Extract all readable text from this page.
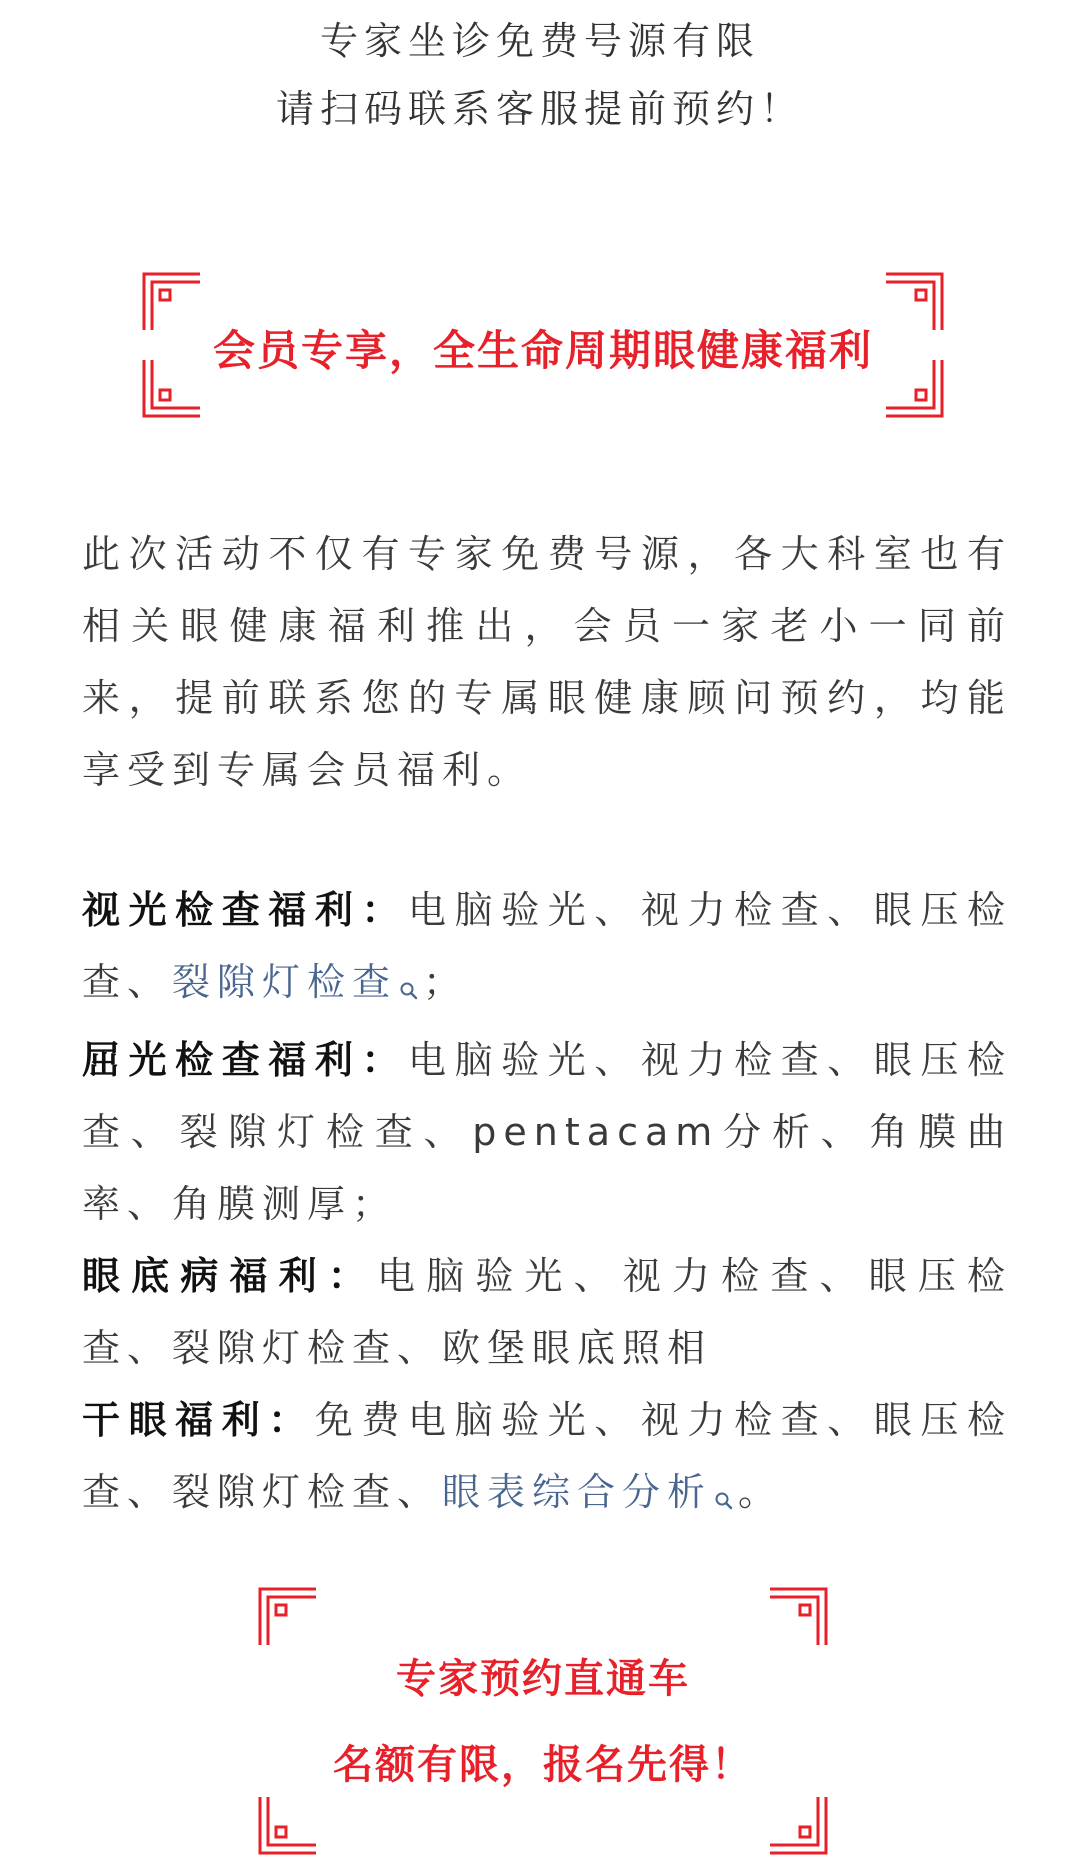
专家坐诊免费号源有限
请扫码联系客服提前预约！
会员专享，全生命周期眼健康福利
此次活动不仅有专家免费号源，各大科室也有相关眼健康福利推出，会员一家老小一同前来，提前联系您的专属眼健康顾问预约，均能享受到专属会员福利。
视光检查福利：电脑验光、视力检查、眼压检查、裂隙灯检查 ；
屈光检查福利：电脑验光、视力检查、眼压检查、裂隙灯检查、pentacam分析、角膜曲率、角膜测厚；
眼底病福利：电脑验光、视力检查、眼压检查、裂隙灯检查、欧堡眼底照相
干眼福利：免费电脑验光、视力检查、眼压检查、裂隙灯检查、眼表综合分析 。
专家预约直通车
名额有限，报名先得！
